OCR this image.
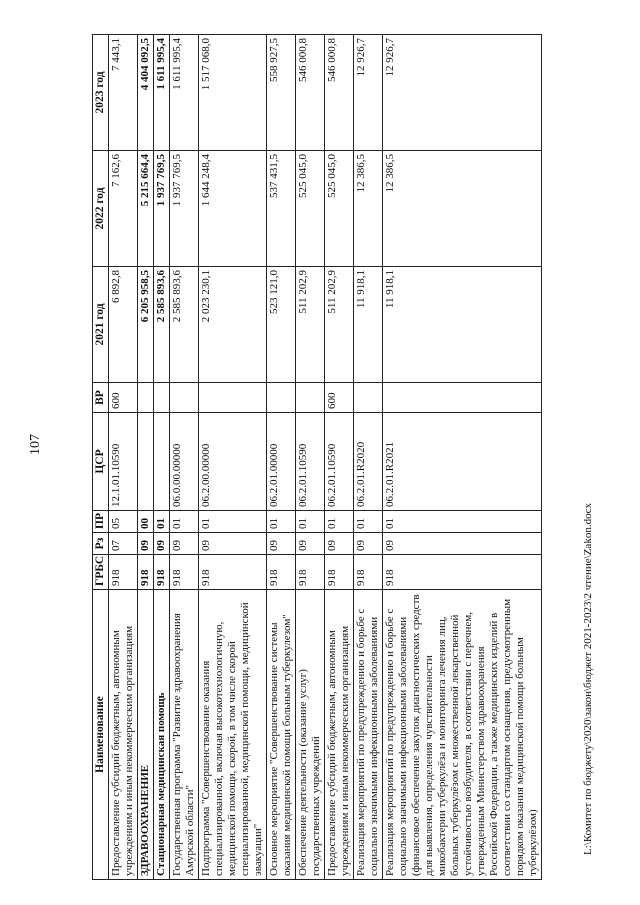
107
L:\Комитет по бюджету\2020\закон\бюджет 2021-2023\2 чтение\Zakon.docx
Наименование	ГРБС	Рз	ПР	ЦСР	ВР	2021 год	2022 год	2023 год
Предоставление субсидий бюджетным, автономным учреждениям и иным некоммерческим организациям	918	07	05	12.1.01.10590	600	6 892,8	7 162,6	7 443,1
ЗДРАВООХРАНЕНИЕ	918	09	00			6 205 958,5	5 215 664,4	4 404 092,5
Стационарная медицинская помощь	918	09	01			2 585 893,6	1 937 769,5	1 611 995,4
Государственная программа "Развитие здравоохранения Амурской области"	918	09	01	06.0.00.00000		2 585 893,6	1 937 769,5	1 611 995,4
Подпрограмма "Совершенствование оказания специализированной, включая высокотехнологичную, медицинской помощи, скорой, в том числе скорой специализированной, медицинской помощи, медицинской эвакуации"	918	09	01	06.2.00.00000		2 023 230,1	1 644 248,4	1 517 068,0
Основное мероприятие "Совершенствование системы оказания медицинской помощи больным туберкулезом"	918	09	01	06.2.01.00000		523 121,0	537 431,5	558 927,5
Обеспечение деятельности (оказание услуг) государственных учреждений	918	09	01	06.2.01.10590		511 202,9	525 045,0	546 000,8
Предоставление субсидий бюджетным, автономным учреждениям и иным некоммерческим организациям	918	09	01	06.2.01.10590	600	511 202,9	525 045,0	546 000,8
Реализация мероприятий по предупреждению и борьбе с социально значимыми инфекционными заболеваниями	918	09	01	06.2.01.R2020		11 918,1	12 386,5	12 926,7
Реализация мероприятий по предупреждению и борьбе с социально значимыми инфекционными заболеваниями (финансовое обеспечение закупок диагностических средств для выявления, определения чувствительности микобактерии туберкулёза и мониторинга лечения лиц, больных туберкулёзом с множественной лекарственной устойчивостью возбудителя, в соответствии с перечнем, утвержденным Министерством здравоохранения Российской Федерации, а также медицинских изделий в соответствии со стандартом оснащения, предусмотренным порядком оказания медицинской помощи больным туберкулёзом)	918	09	01	06.2.01.R2021		11 918,1	12 386,5	12 926,7
